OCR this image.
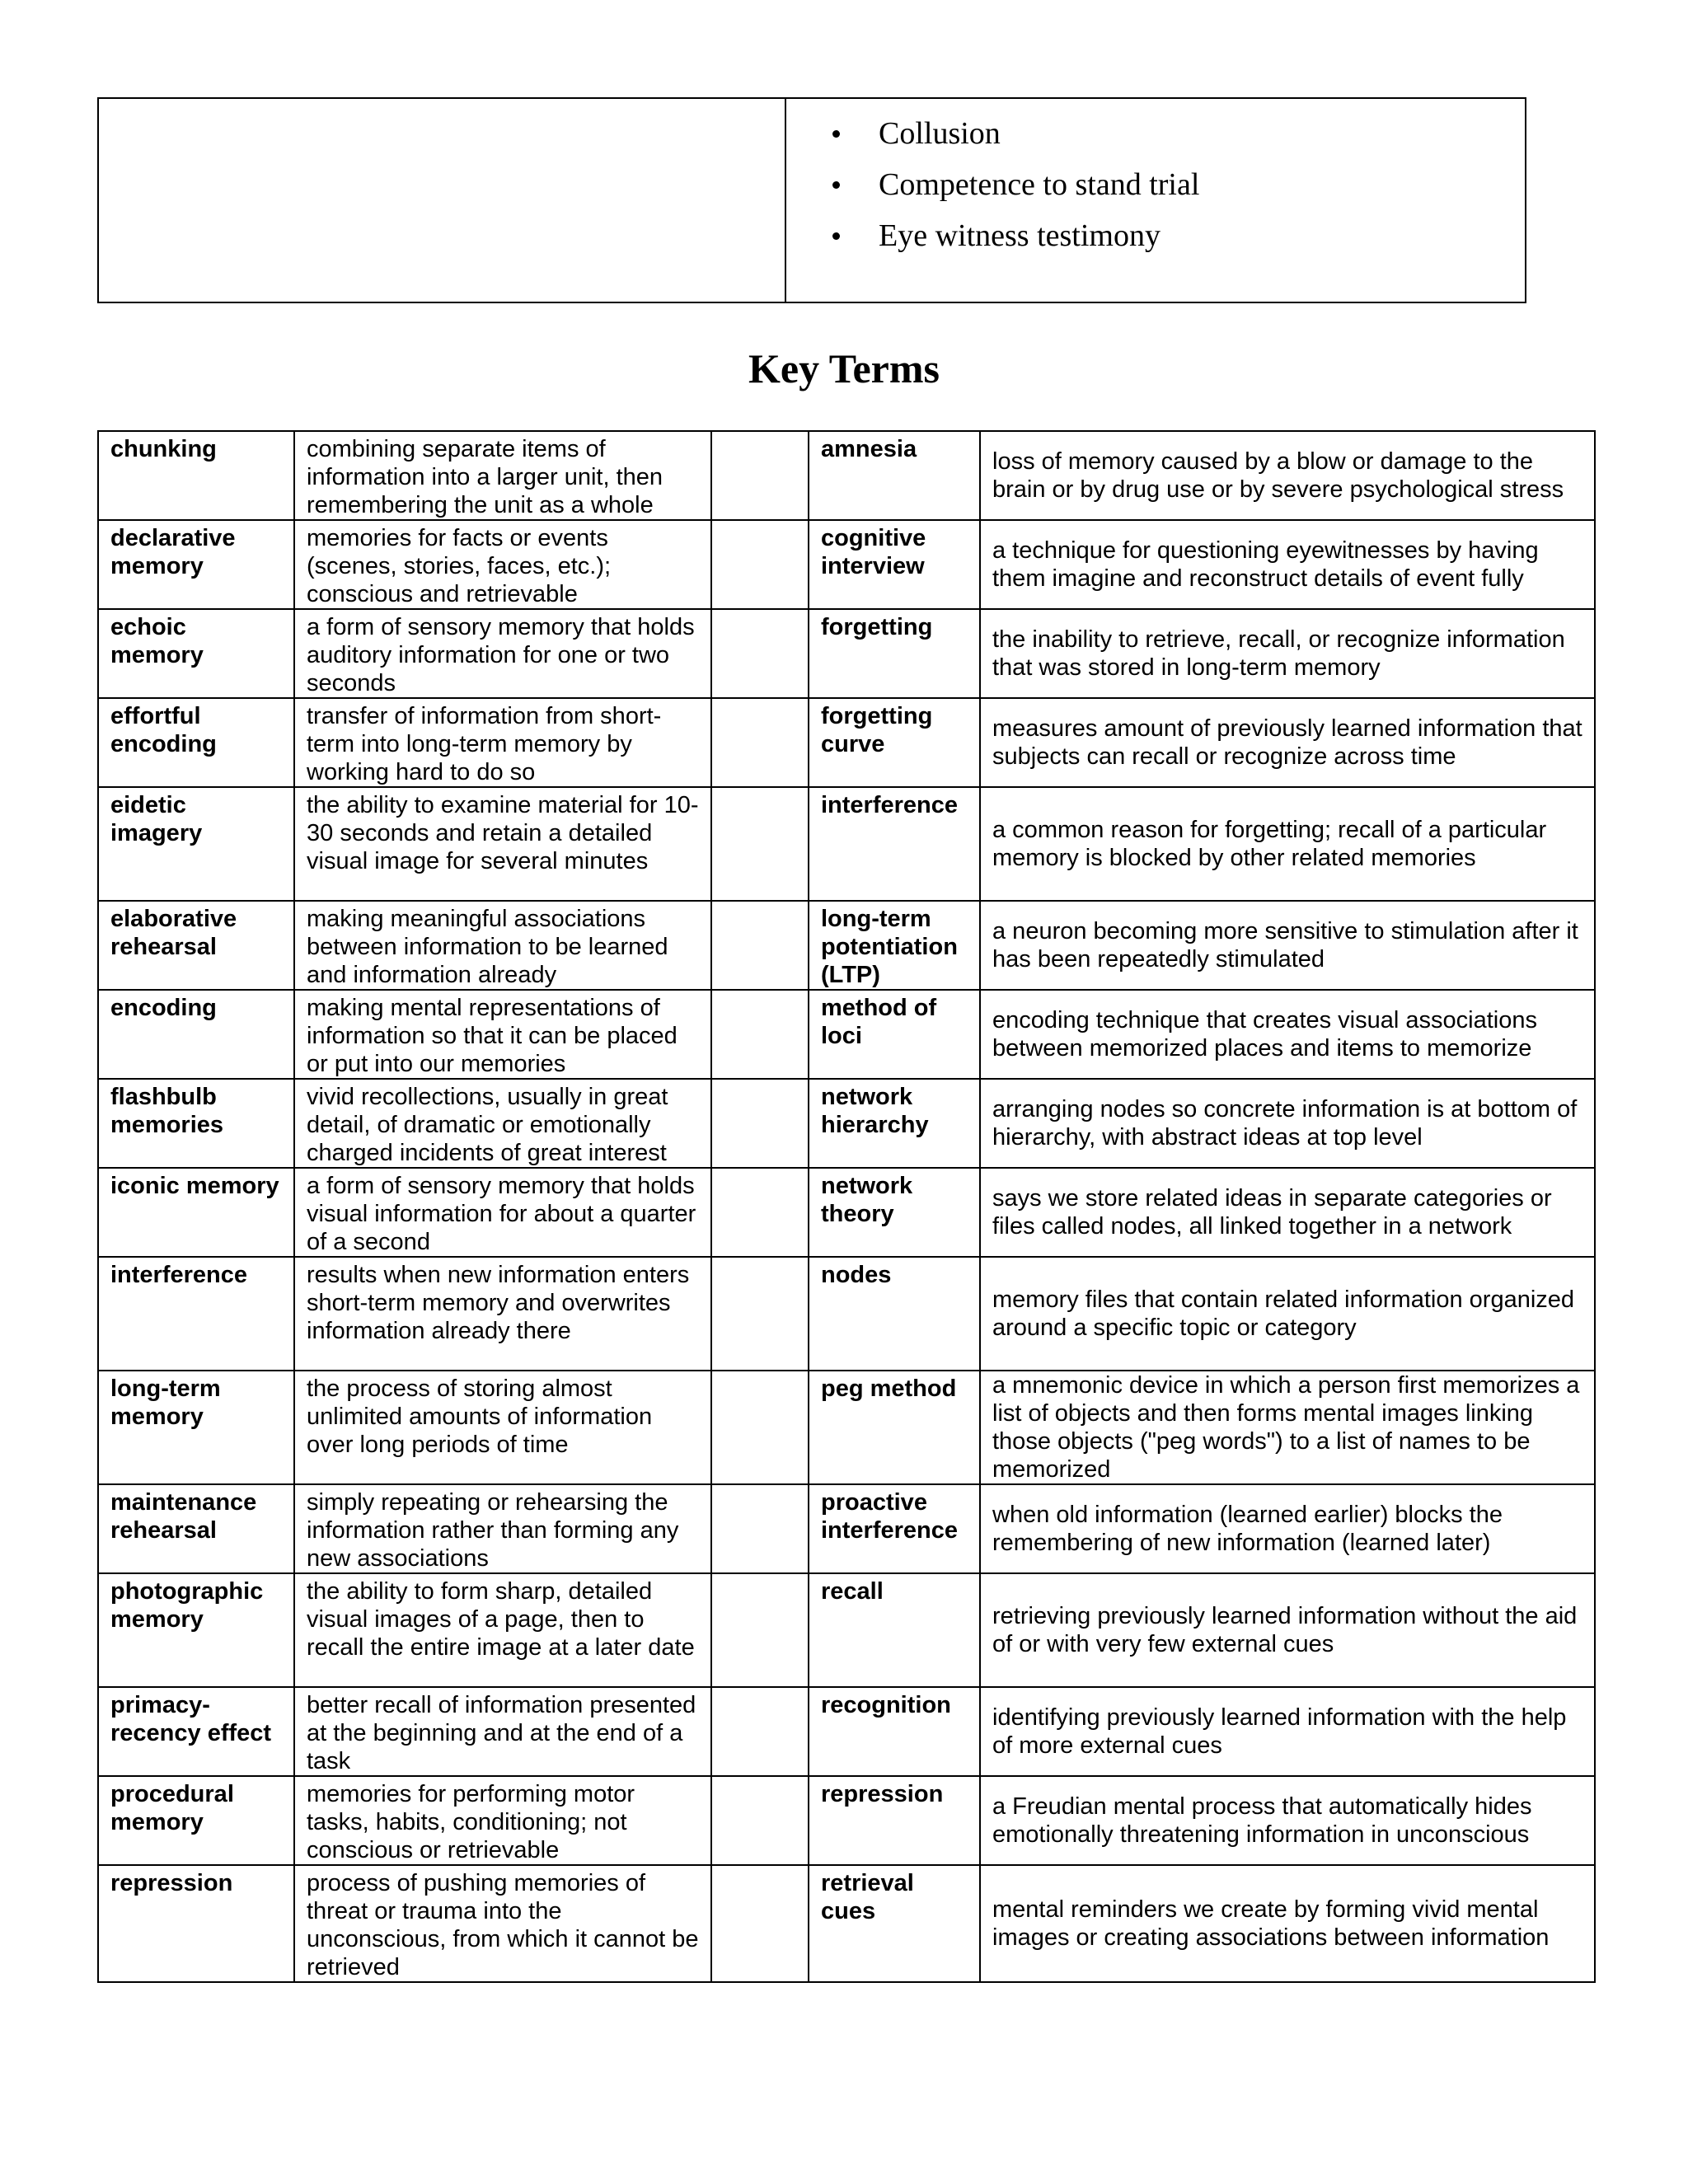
Collusion
Competence to stand trial
Eye witness testimony
Key Terms
chunking	combining separate items of information into a larger unit, then remembering the unit as a whole		amnesia	loss of memory caused by a blow or damage to the brain or by drug use or by severe psychological stress
declarative memory	memories for facts or events (scenes, stories, faces, etc.); conscious and retrievable		cognitive interview	a technique for questioning eyewitnesses by having them imagine and reconstruct details of event fully
echoic memory	a form of sensory memory that holds auditory information for one or two seconds		forgetting	the inability to retrieve, recall, or recognize information that was stored in long-term memory
effortful encoding	transfer of information from short-term into long-term memory by working hard to do so		forgetting curve	measures amount of previously learned information that subjects can recall or recognize across time
eidetic imagery	the ability to examine material for 10-30 seconds and retain a detailed visual image for several minutes		interference	a common reason for forgetting; recall of a particular memory is blocked by other related memories
elaborative rehearsal	making meaningful associations between information to be learned and information already		long-term potentiation (LTP)	a neuron becoming more sensitive to stimulation after it has been repeatedly stimulated
encoding	making mental representations of information so that it can be placed or put into our memories		method of loci	encoding technique that creates visual associations between memorized places and items to memorize
flashbulb memories	vivid recollections, usually in great detail, of dramatic or emotionally charged incidents of great interest		network hierarchy	arranging nodes so concrete information is at bottom of hierarchy, with abstract ideas at top level
iconic memory	a form of sensory memory that holds visual information for about a quarter of a second		network theory	says we store related ideas in separate categories or files called nodes, all linked together in a network
interference	results when new information enters short-term memory and overwrites information already there		nodes	memory files that contain related information organized around a specific topic or category
long-term memory	the process of storing almost unlimited amounts of information over long periods of time		peg method	a mnemonic device in which a person first memorizes a list of objects and then forms mental images linking those objects ("peg words") to a list of names to be memorized
maintenance rehearsal	simply repeating or rehearsing the information rather than forming any new associations		proactive interference	when old information (learned earlier) blocks the remembering of new information (learned later)
photographic memory	the ability to form sharp, detailed visual images of a page, then to recall the entire image at a later date		recall	retrieving previously learned information without the aid of or with very few external cues
primacy-recency effect	better recall of information presented at the beginning and at the end of a task		recognition	identifying previously learned information with the help of more external cues
procedural memory	memories for performing motor tasks, habits, conditioning; not conscious or retrievable		repression	a Freudian mental process that automatically hides emotionally threatening information in unconscious
repression	process of pushing memories of threat or trauma into the unconscious, from which it cannot be retrieved		retrieval cues	mental reminders we create by forming vivid mental images or creating associations between information
